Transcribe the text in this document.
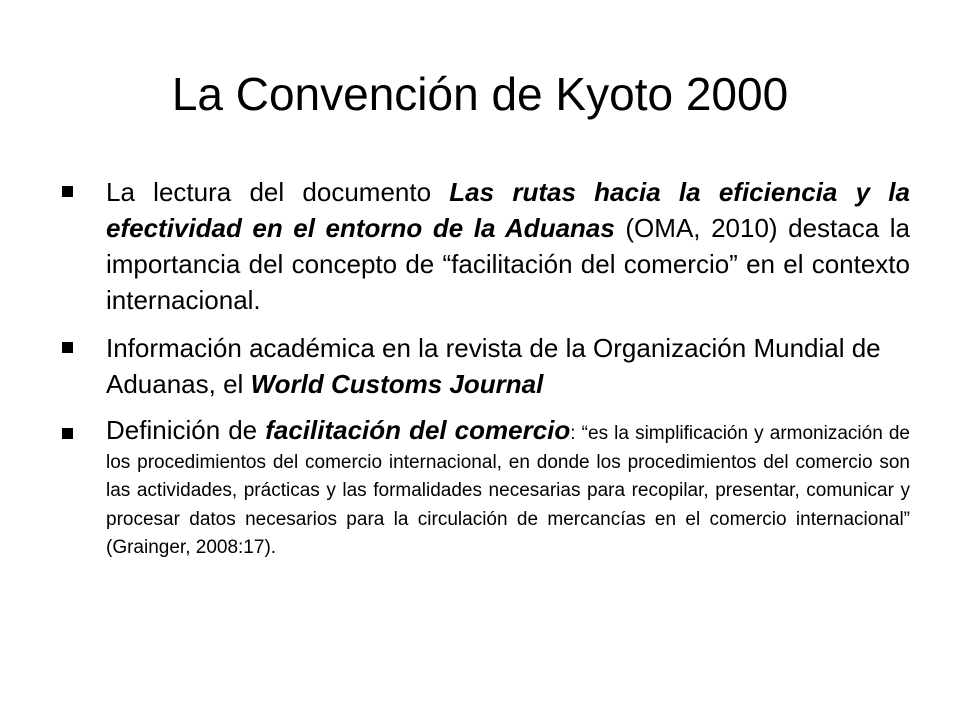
La Convención de Kyoto 2000
La lectura del documento Las rutas hacia la eficiencia y la efectividad en el entorno de la Aduanas (OMA, 2010) destaca la importancia del concepto de “facilitación del comercio” en el contexto internacional.
Información académica en la revista de la Organización Mundial de Aduanas, el World Customs Journal
Definición de facilitación del comercio: “es la simplificación y armonización de los procedimientos del comercio internacional, en donde los procedimientos del comercio son las actividades, prácticas y las formalidades necesarias para recopilar, presentar, comunicar y procesar datos necesarios para la circulación de mercancías en el comercio internacional” (Grainger, 2008:17).
